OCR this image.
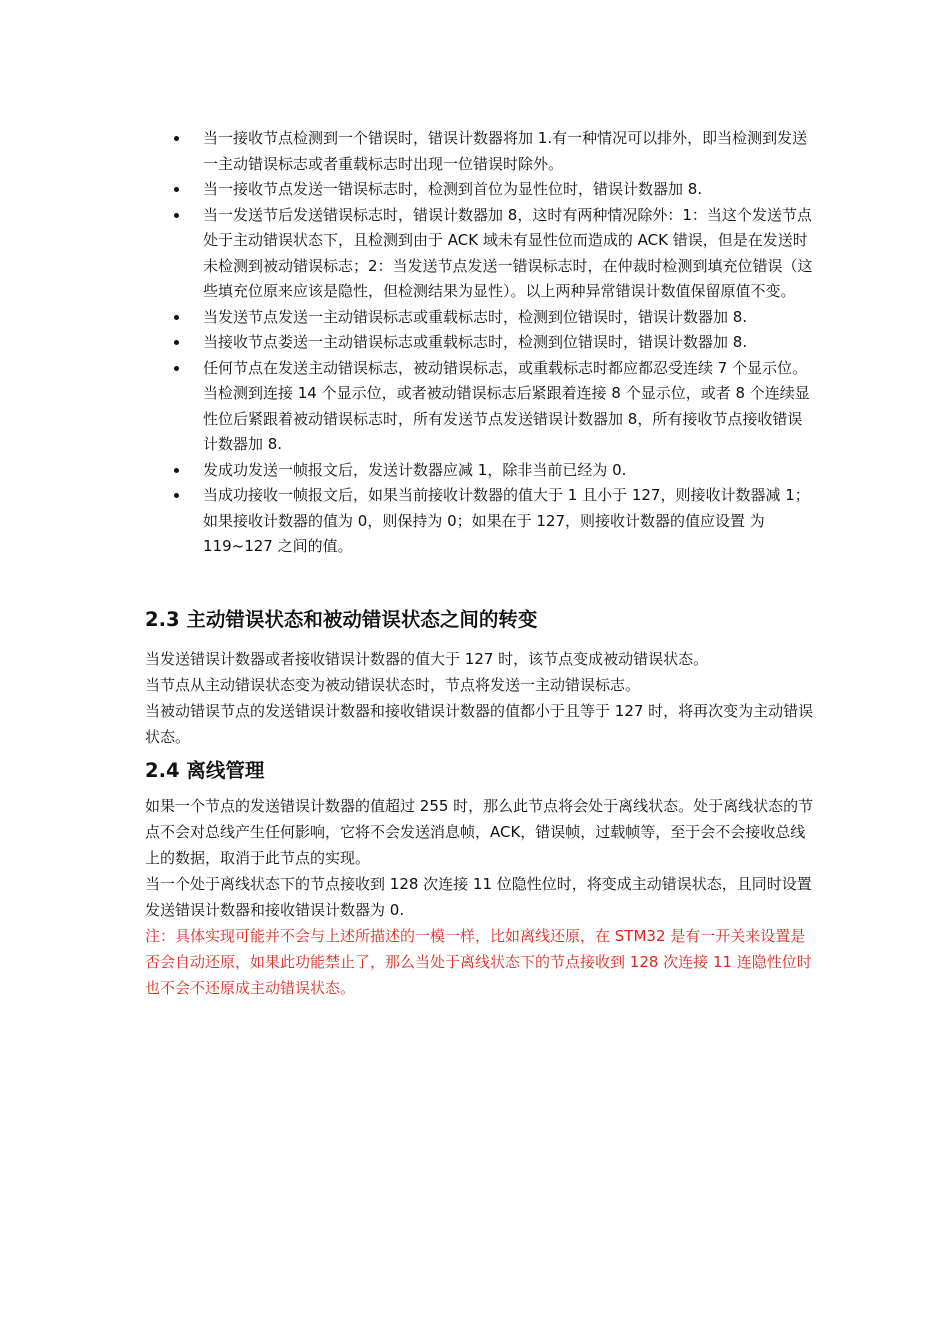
当一接收节点检测到一个错误时，错误计数器将加 1.有一种情况可以排外，即当检测到发送一主动错误标志或者重载标志时出现一位错误时除外。
当一接收节点发送一错误标志时，检测到首位为显性位时，错误计数器加 8.
当一发送节后发送错误标志时，错误计数器加 8，这时有两种情况除外：1：当这个发送节点处于主动错误状态下，且检测到由于 ACK 域未有显性位而造成的 ACK 错误，但是在发送时未检测到被动错误标志；2：当发送节点发送一错误标志时，在仲裁时检测到填充位错误（这些填充位原来应该是隐性，但检测结果为显性）。以上两种异常错误计数值保留原值不变。
当发送节点发送一主动错误标志或重载标志时，检测到位错误时，错误计数器加 8.
当接收节点娄送一主动错误标志或重载标志时，检测到位错误时，错误计数器加 8.
任何节点在发送主动错误标志，被动错误标志，或重载标志时都应都忍受连续 7 个显示位。当检测到连接 14 个显示位，或者被动错误标志后紧跟着连接 8 个显示位，或者 8 个连续显性位后紧跟着被动错误标志时，所有发送节点发送错误计数器加 8，所有接收节点接收错误计数器加 8.
发成功发送一帧报文后，发送计数器应减 1，除非当前已经为 0.
当成功接收一帧报文后，如果当前接收计数器的值大于 1 且小于 127，则接收计数器减 1；如果接收计数器的值为 0，则保持为 0；如果在于 127，则接收计数器的值应设置 为 119~127 之间的值。
2.3 主动错误状态和被动错误状态之间的转变

当发送错误计数器或者接收错误计数器的值大于 127 时，该节点变成被动错误状态。

当节点从主动错误状态变为被动错误状态时，节点将发送一主动错误标志。

当被动错误节点的发送错误计数器和接收错误计数器的值都小于且等于 127 时，将再次变为主动错误状态。

2.4 离线管理

如果一个节点的发送错误计数器的值超过 255 时，那么此节点将会处于离线状态。处于离线状态的节点不会对总线产生任何影响，它将不会发送消息帧，ACK，错误帧，过载帧等，至于会不会接收总线上的数据，取消于此节点的实现。

当一个处于离线状态下的节点接收到 128 次连接 11 位隐性位时，将变成主动错误状态，且同时设置发送错误计数器和接收错误计数器为 0.

注：具体实现可能并不会与上述所描述的一模一样，比如离线还原，在 STM32 是有一开关来设置是否会自动还原，如果此功能禁止了，那么当处于离线状态下的节点接收到 128 次连接 11 连隐性位时也不会不还原成主动错误状态。
